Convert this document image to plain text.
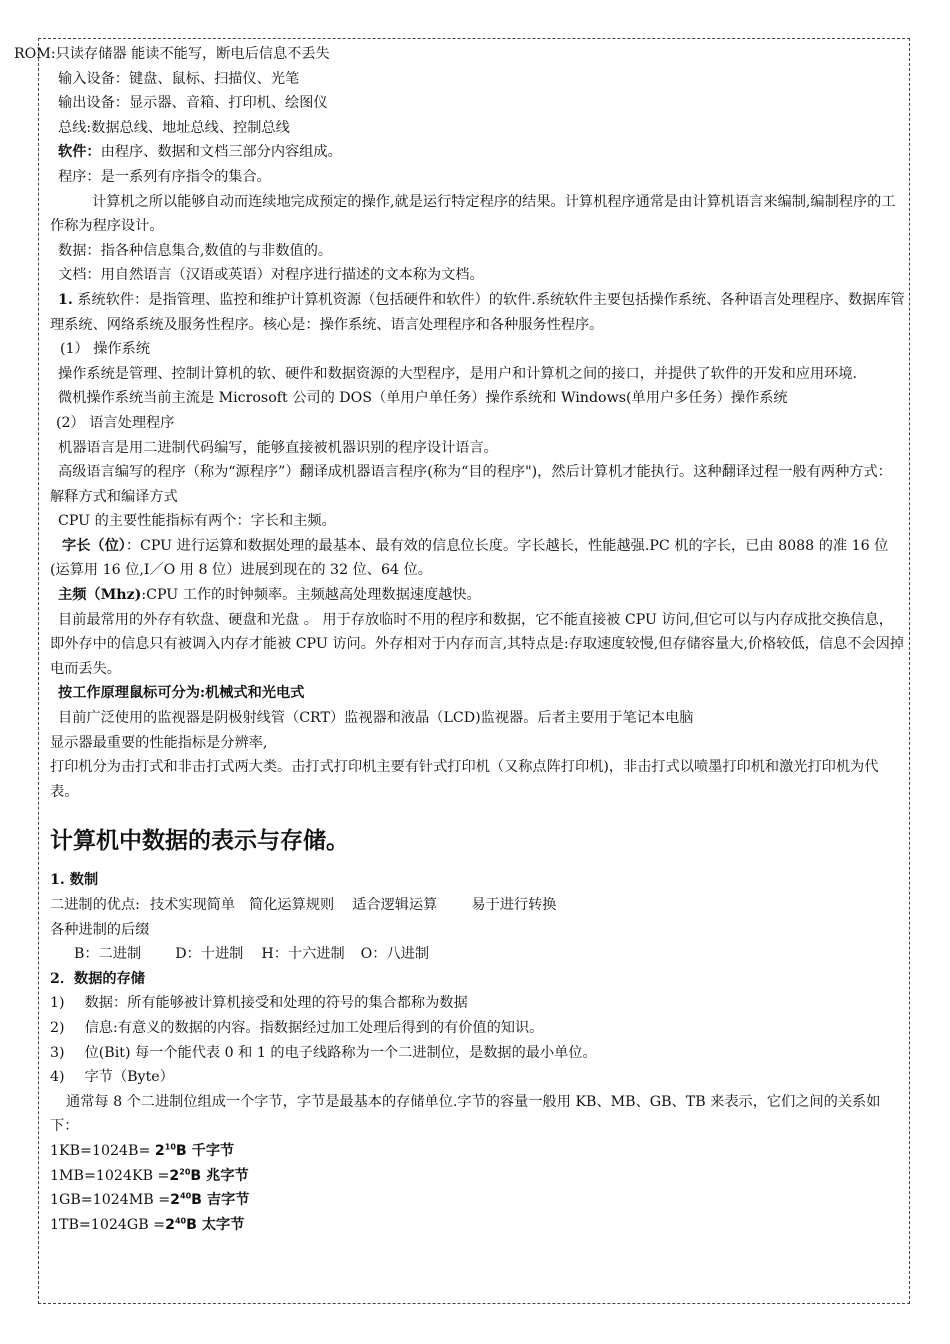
ROM:只读存储器 能读不能写，断电后信息不丢失
输入设备：键盘、鼠标、扫描仪、光笔
输出设备：显示器、音箱、打印机、绘图仪
总线:数据总线、地址总线、控制总线
软件：由程序、数据和文档三部分内容组成。
程序：是一系列有序指令的集合。
计算机之所以能够自动而连续地完成预定的操作,就是运行特定程序的结果。计算机程序通常是由计算机语言来编制,编制程序的工作称为程序设计。
数据：指各种信息集合,数值的与非数值的。
文档：用自然语言（汉语或英语）对程序进行描述的文本称为文档。
1. 系统软件：是指管理、监控和维护计算机资源（包括硬件和软件）的软件.系统软件主要包括操作系统、各种语言处理程序、数据库管理系统、网络系统及服务性程序。核心是：操作系统、语言处理程序和各种服务性程序。
(1） 操作系统
操作系统是管理、控制计算机的软、硬件和数据资源的大型程序，是用户和计算机之间的接口，并提供了软件的开发和应用环境.
微机操作系统当前主流是 Microsoft 公司的 DOS（单用户单任务）操作系统和 Windows(单用户多任务）操作系统
(2） 语言处理程序
机器语言是用二进制代码编写，能够直接被机器识别的程序设计语言。
高级语言编写的程序（称为“源程序”）翻译成机器语言程序(称为“目的程序")，然后计算机才能执行。这种翻译过程一般有两种方式：解释方式和编译方式
CPU 的主要性能指标有两个：字长和主频。
字长（位）：CPU 进行运算和数据处理的最基本、最有效的信息位长度。字长越长，性能越强.PC 机的字长，已由 8088 的准 16 位(运算用 16 位,I／O 用 8 位）进展到现在的 32 位、64 位。
主频（Mhz):CPU 工作的时钟频率。主频越高处理数据速度越快。
目前最常用的外存有软盘、硬盘和光盘 。 用于存放临时不用的程序和数据，它不能直接被 CPU 访问,但它可以与内存成批交换信息，即外存中的信息只有被调入内存才能被 CPU 访问。外存相对于内存而言,其特点是:存取速度较慢,但存储容量大,价格较低，信息不会因掉电而丢失。
按工作原理鼠标可分为:机械式和光电式
目前广泛使用的监视器是阴极射线管（CRT）监视器和液晶（LCD)监视器。后者主要用于笔记本电脑
显示器最重要的性能指标是分辨率,
打印机分为击打式和非击打式两大类。击打式打印机主要有针式打印机（又称点阵打印机)，非击打式以喷墨打印机和激光打印机为代表。
计算机中数据的表示与存储。
1. 数制
二进制的优点: 技术实现简单 简化运算规则 适合逻辑运算 易于进行转换
各种进制的后缀
B：二进制 D：十进制 H：十六进制 O：八进制
2．数据的存储
1) 数据：所有能够被计算机接受和处理的符号的集合都称为数据
2) 信息:有意义的数据的内容。指数据经过加工处理后得到的有价值的知识。
3) 位(Bit) 每一个能代表 0 和 1 的电子线路称为一个二进制位，是数据的最小单位。
4) 字节（Byte）
通常每 8 个二进制位组成一个字节，字节是最基本的存储单位.字节的容量一般用 KB、MB、GB、TB 来表示，它们之间的关系如下：
$1KB=1024B= 2^{10}B$ 千字节
$1MB=1024KB =2^{20}B$ 兆字节
$1GB=1024MB =2^{40}B$ 吉字节
$1TB=1024GB =2^{40}B$ 太字节
